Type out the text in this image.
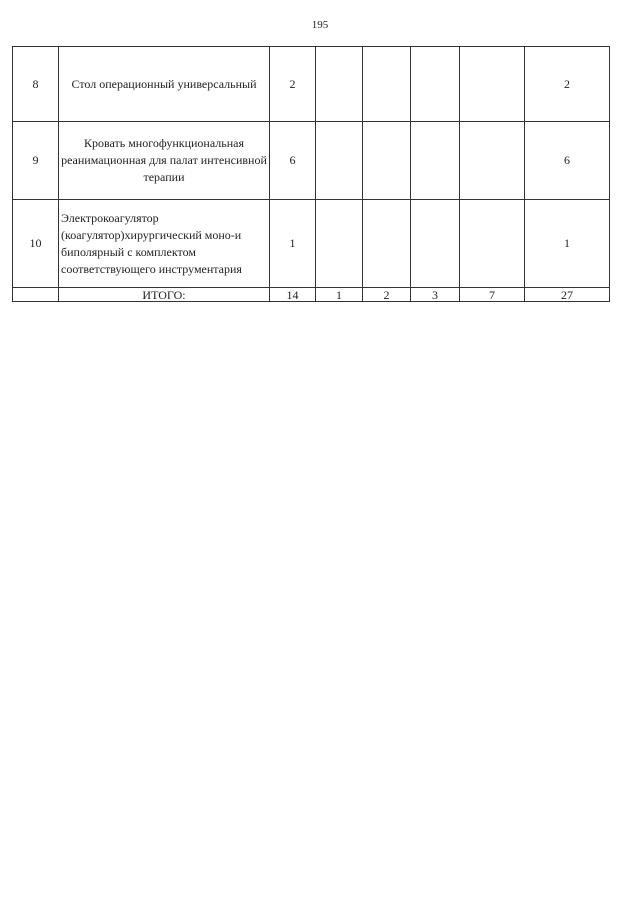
195
8	Стол операционный универсальный	2					2
9	Кровать многофункциональная реанимационная для палат интенсивной терапии	6					6
10	Электрокоагулятор (коагулятор)хирургический моно-и биполярный с комплектом соответствующего инструментария	1					1
	ИТОГО:	14	1	2	3	7	27
